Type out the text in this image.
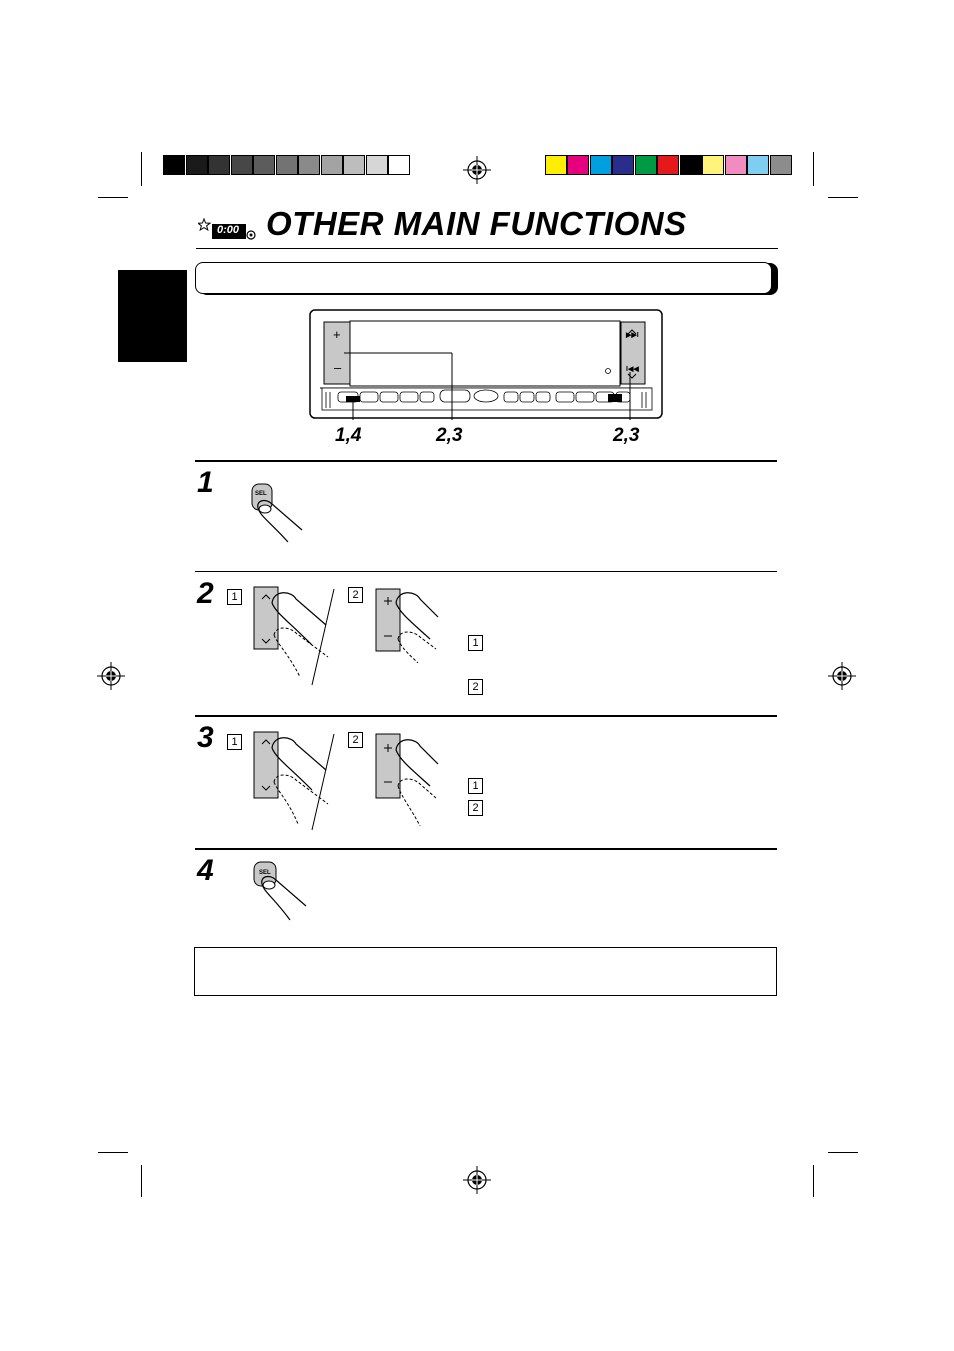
0:00 OTHER MAIN FUNCTIONS
+
–
▶▶I
I◀◀
1,4	2,3	2,3
1	SEL
2	1	2
1
2
3	1	2
1
2
4	SEL
